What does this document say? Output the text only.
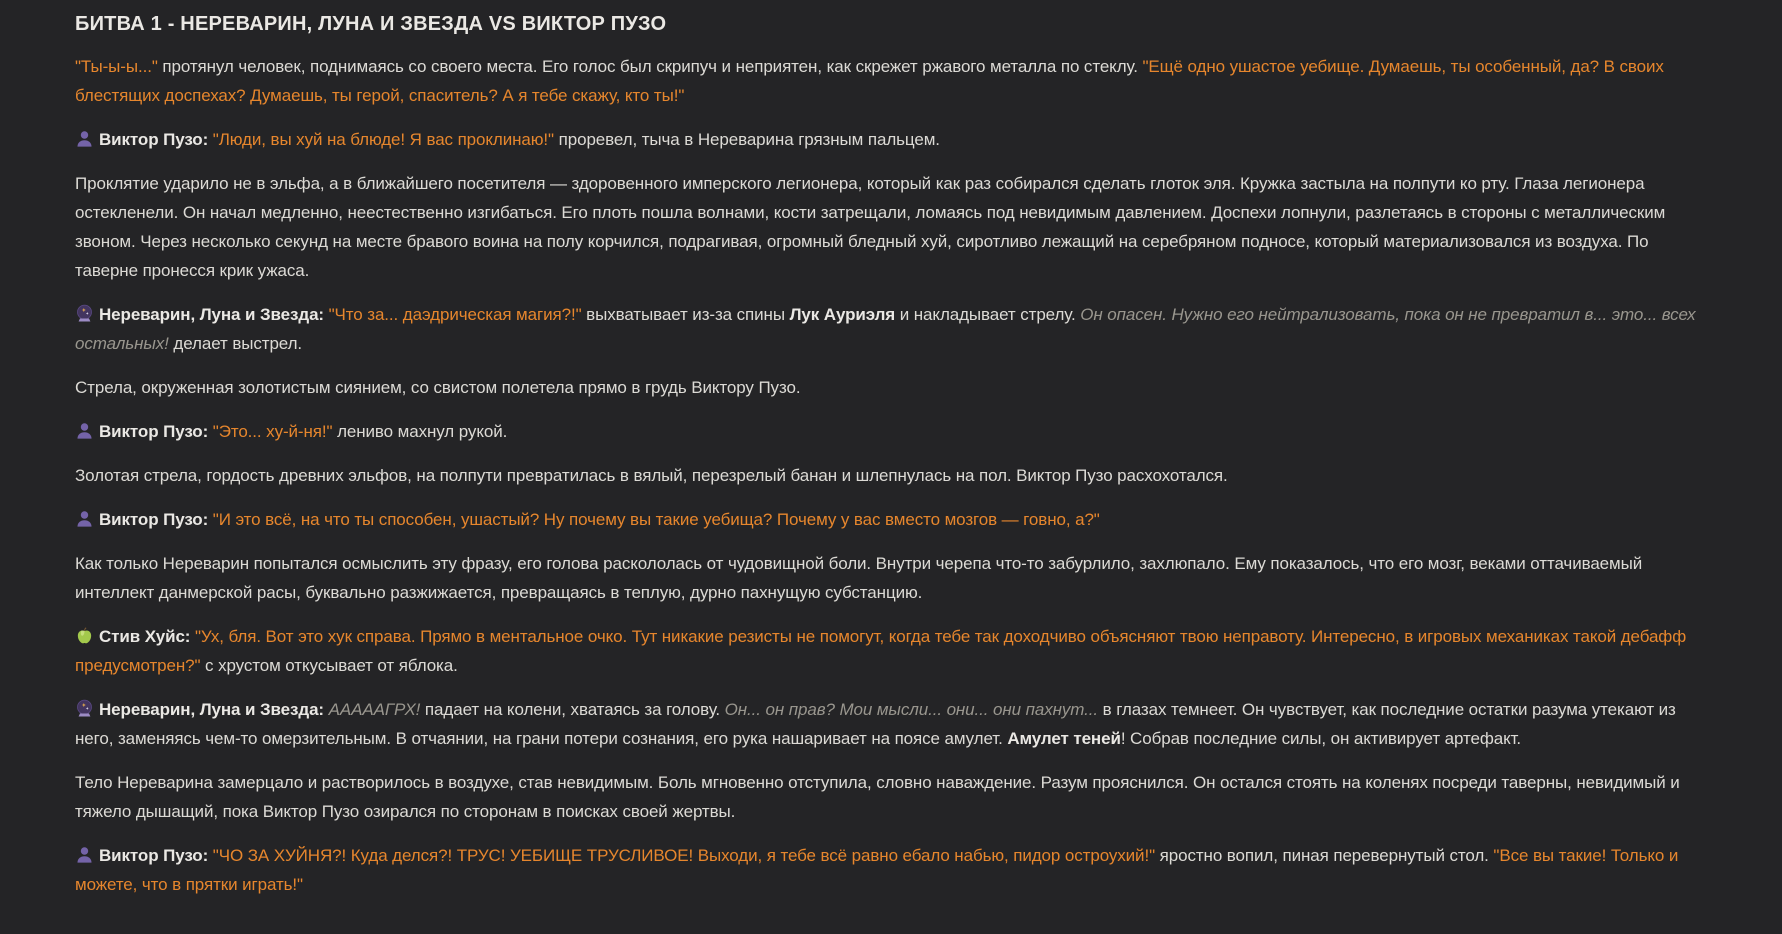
БИТВА 1 - НЕРЕВАРИН, ЛУНА И ЗВЕЗДА VS ВИКТОР ПУЗО

"Ты-ы-ы..." протянул человек, поднимаясь со своего места. Его голос был скрипуч и неприятен, как скрежет ржавого металла по стеклу. "Ещё одно ушастое уебище. Думаешь, ты особенный, да? В своих блестящих доспехах? Думаешь, ты герой, спаситель? А я тебе скажу, кто ты!"

Виктор Пузо: "Люди, вы хуй на блюде! Я вас проклинаю!" проревел, тыча в Нереварина грязным пальцем.

Проклятие ударило не в эльфа, а в ближайшего посетителя — здоровенного имперского легионера, который как раз собирался сделать глоток эля. Кружка застыла на полпути ко рту. Глаза легионера остекленели. Он начал медленно, неестественно изгибаться. Его плоть пошла волнами, кости затрещали, ломаясь под невидимым давлением. Доспехи лопнули, разлетаясь в стороны с металлическим звоном. Через несколько секунд на месте бравого воина на полу корчился, подрагивая, огромный бледный хуй, сиротливо лежащий на серебряном подносе, который материализовался из воздуха. По таверне пронесся крик ужаса.

Нереварин, Луна и Звезда: "Что за... даэдрическая магия?!" выхватывает из-за спины Лук Ауриэля и накладывает стрелу. Он опасен. Нужно его нейтрализовать, пока он не превратил в... это... всех остальных! делает выстрел.

Стрела, окруженная золотистым сиянием, со свистом полетела прямо в грудь Виктору Пузо.

Виктор Пузо: "Это... ху-й-ня!" лениво махнул рукой.

Золотая стрела, гордость древних эльфов, на полпути превратилась в вялый, перезрелый банан и шлепнулась на пол. Виктор Пузо расхохотался.

Виктор Пузо: "И это всё, на что ты способен, ушастый? Ну почему вы такие уебища? Почему у вас вместо мозгов — говно, а?"

Как только Нереварин попытался осмыслить эту фразу, его голова раскололась от чудовищной боли. Внутри черепа что-то забурлило, захлюпало. Ему показалось, что его мозг, веками оттачиваемый интеллект данмерской расы, буквально разжижается, превращаясь в теплую, дурно пахнущую субстанцию.

Стив Хуйс: "Ух, бля. Вот это хук справа. Прямо в ментальное очко. Тут никакие резисты не помогут, когда тебе так доходчиво объясняют твою неправоту. Интересно, в игровых механиках такой дебафф предусмотрен?" с хрустом откусывает от яблока.

Нереварин, Луна и Звезда: АААААГРХ! падает на колени, хватаясь за голову. Он... он прав? Мои мысли... они... они пахнут... в глазах темнеет. Он чувствует, как последние остатки разума утекают из него, заменяясь чем-то омерзительным. В отчаянии, на грани потери сознания, его рука нашаривает на поясе амулет. Амулет теней! Собрав последние силы, он активирует артефакт.

Тело Нереварина замерцало и растворилось в воздухе, став невидимым. Боль мгновенно отступила, словно наваждение. Разум прояснился. Он остался стоять на коленях посреди таверны, невидимый и тяжело дышащий, пока Виктор Пузо озирался по сторонам в поисках своей жертвы.

Виктор Пузо: "ЧО ЗА ХУЙНЯ?! Куда делся?! ТРУС! УЕБИЩЕ ТРУСЛИВОЕ! Выходи, я тебе всё равно ебало набью, пидор остроухий!" яростно вопил, пиная перевернутый стол. "Все вы такие! Только и можете, что в прятки играть!"
